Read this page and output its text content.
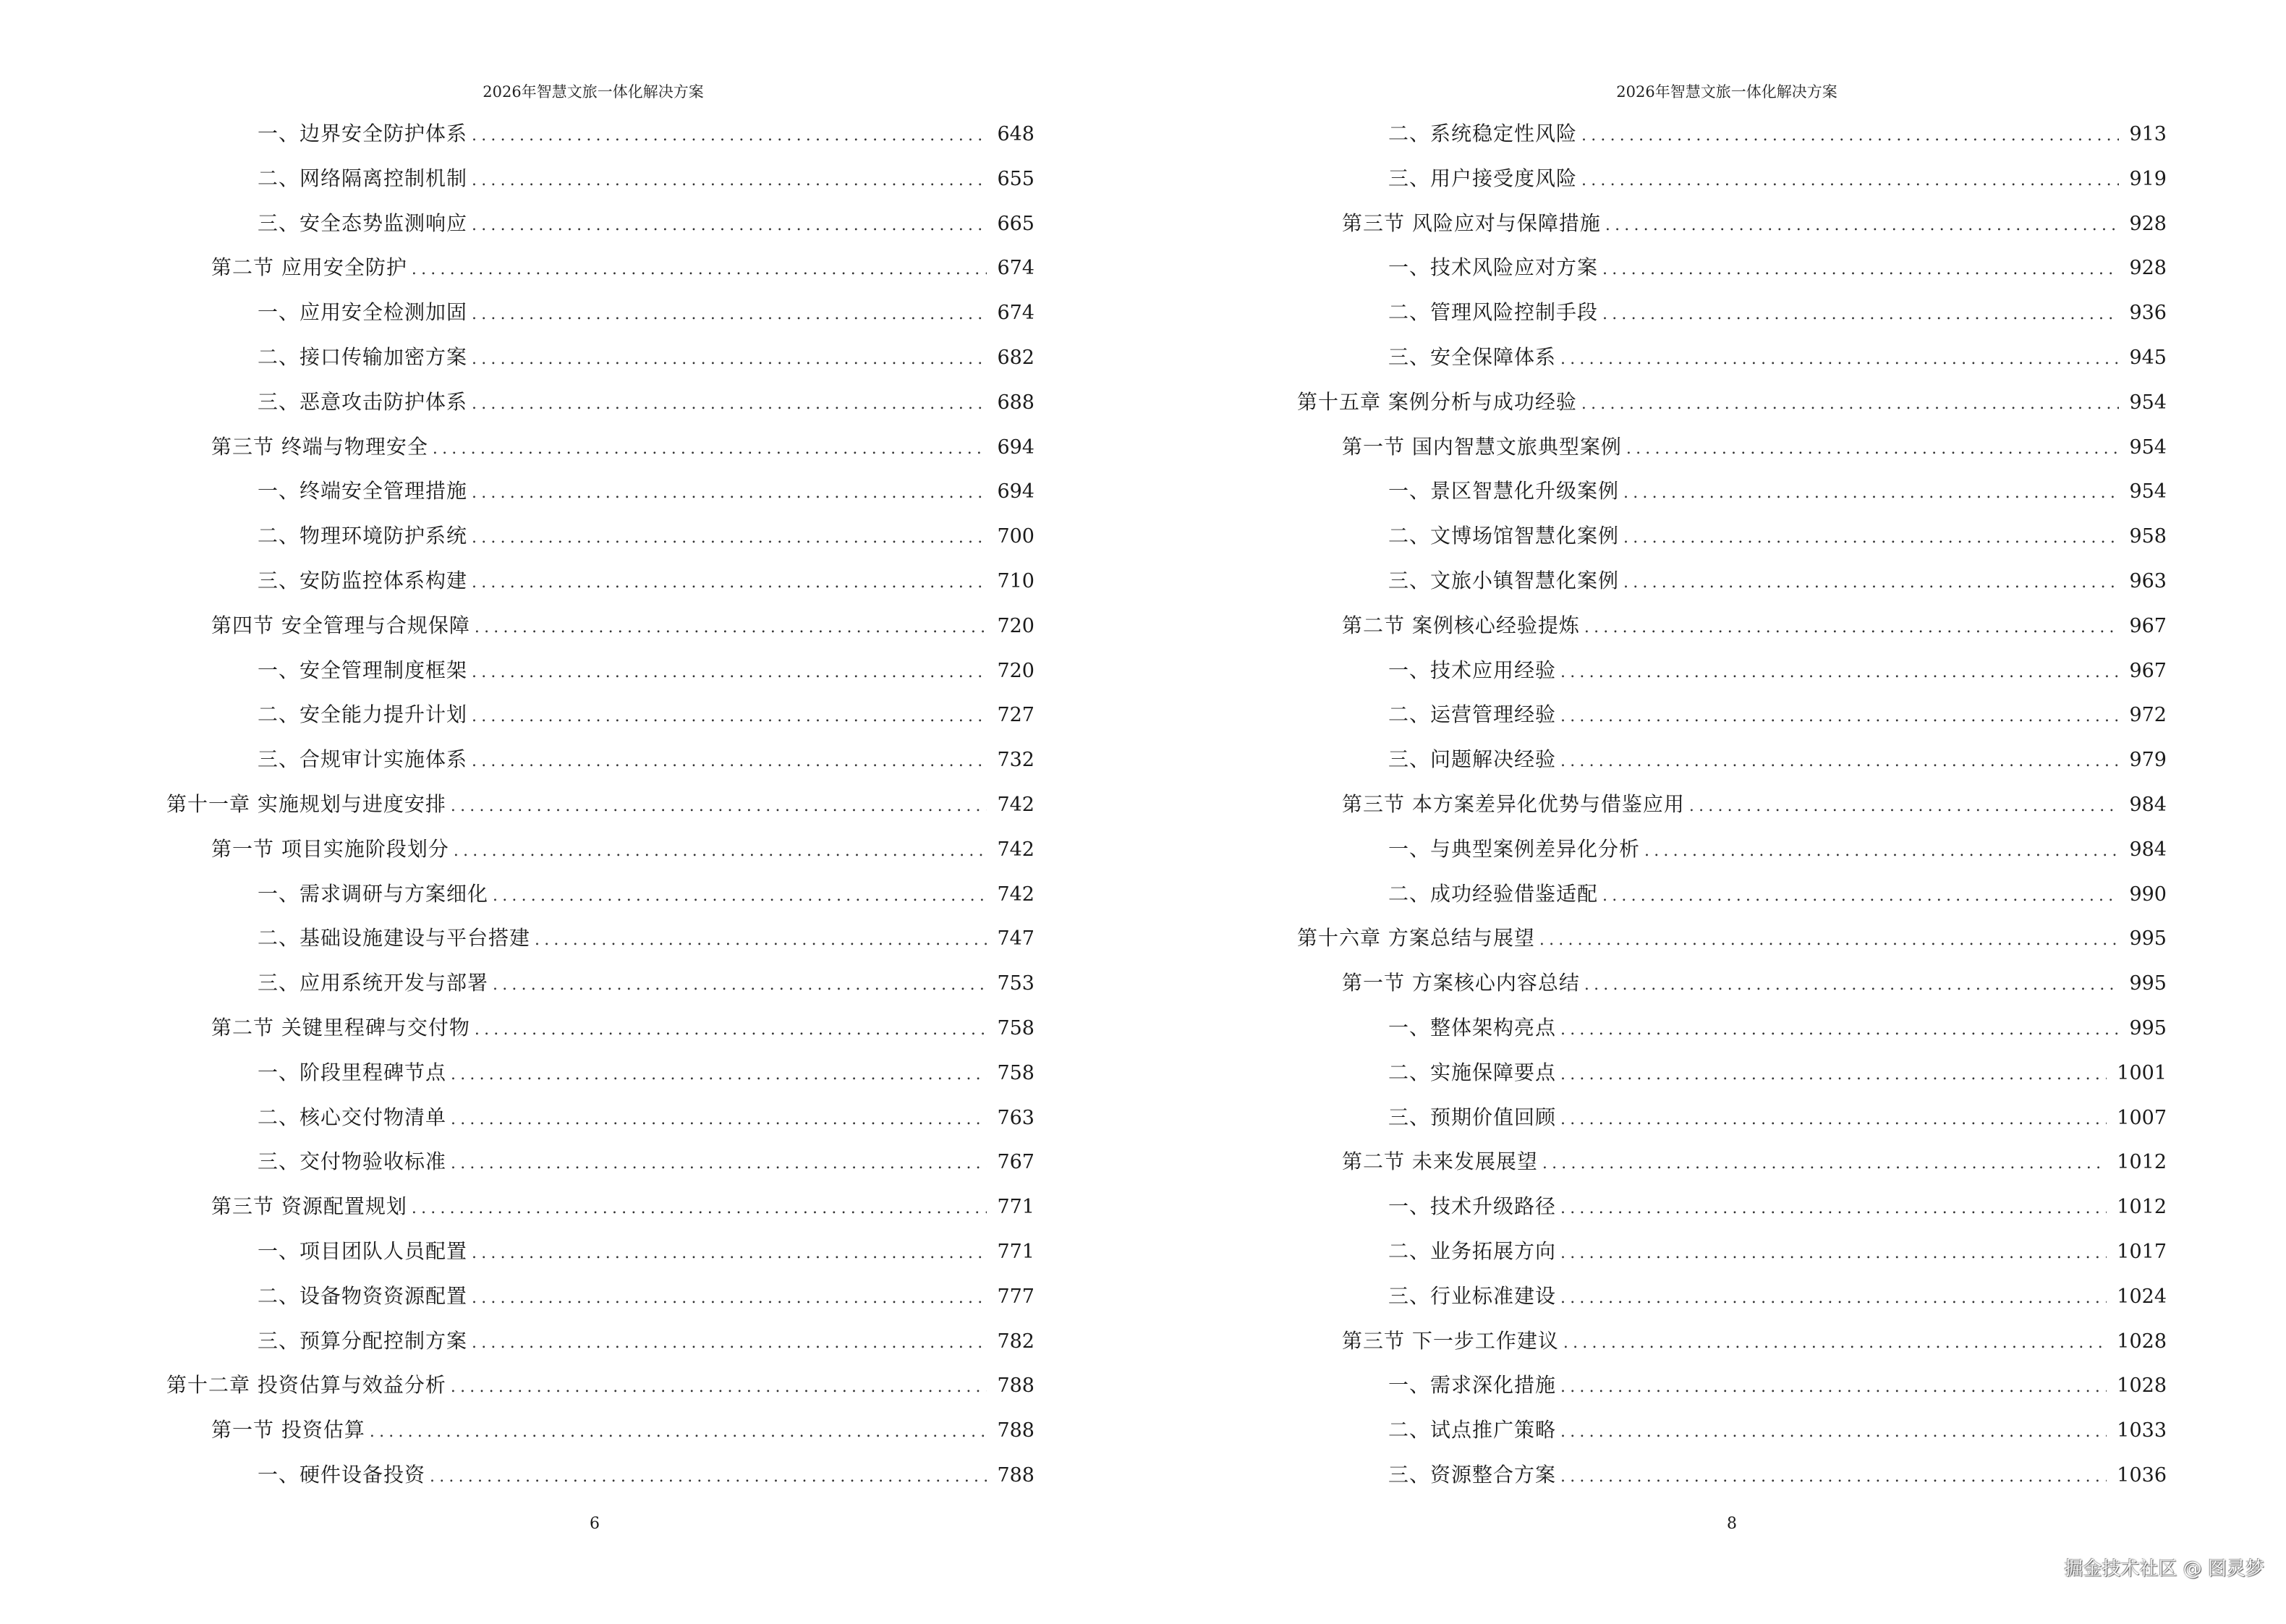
2026年智慧文旅一体化解决方案
一、边界安全防护体系 .....	648
二、网络隔离控制机制 .....	655
三、安全态势监测响应 .....	665
第二节 应用安全防护 .....	674
一、应用安全检测加固 .....	674
二、接口传输加密方案 .....	682
三、恶意攻击防护体系 .....	688
第三节 终端与物理安全 .....	694
一、终端安全管理措施 .....	694
二、物理环境防护系统 .....	700
三、安防监控体系构建 .....	710
第四节 安全管理与合规保障 .....	720
一、安全管理制度框架 .....	720
二、安全能力提升计划 .....	727
三、合规审计实施体系 .....	732
第十一章 实施规划与进度安排 .....	742
第一节 项目实施阶段划分 .....	742
一、需求调研与方案细化 .....	742
二、基础设施建设与平台搭建 .....	747
三、应用系统开发与部署 .....	753
第二节 关键里程碑与交付物 .....	758
一、阶段里程碑节点 .....	758
二、核心交付物清单 .....	763
三、交付物验收标准 .....	767
第三节 资源配置规划 .....	771
一、项目团队人员配置 .....	771
二、设备物资资源配置 .....	777
三、预算分配控制方案 .....	782
第十二章 投资估算与效益分析 .....	788
第一节 投资估算 .....	788
一、硬件设备投资 .....	788
6
2026年智慧文旅一体化解决方案
二、系统稳定性风险 .....	913
三、用户接受度风险 .....	919
第三节 风险应对与保障措施 .....	928
一、技术风险应对方案 .....	928
二、管理风险控制手段 .....	936
三、安全保障体系 .....	945
第十五章 案例分析与成功经验 .....	954
第一节 国内智慧文旅典型案例 .....	954
一、景区智慧化升级案例 .....	954
二、文博场馆智慧化案例 .....	958
三、文旅小镇智慧化案例 .....	963
第二节 案例核心经验提炼 .....	967
一、技术应用经验 .....	967
二、运营管理经验 .....	972
三、问题解决经验 .....	979
第三节 本方案差异化优势与借鉴应用 .....	984
一、与典型案例差异化分析 .....	984
二、成功经验借鉴适配 .....	990
第十六章 方案总结与展望 .....	995
第一节 方案核心内容总结 .....	995
一、整体架构亮点 .....	995
二、实施保障要点 .....	1001
三、预期价值回顾 .....	1007
第二节 未来发展展望 .....	1012
一、技术升级路径 .....	1012
二、业务拓展方向 .....	1017
三、行业标准建设 .....	1024
第三节 下一步工作建议 .....	1028
一、需求深化措施 .....	1028
二、试点推广策略 .....	1033
三、资源整合方案 .....	1036
8
掘金技术社区 @ 图灵梦
